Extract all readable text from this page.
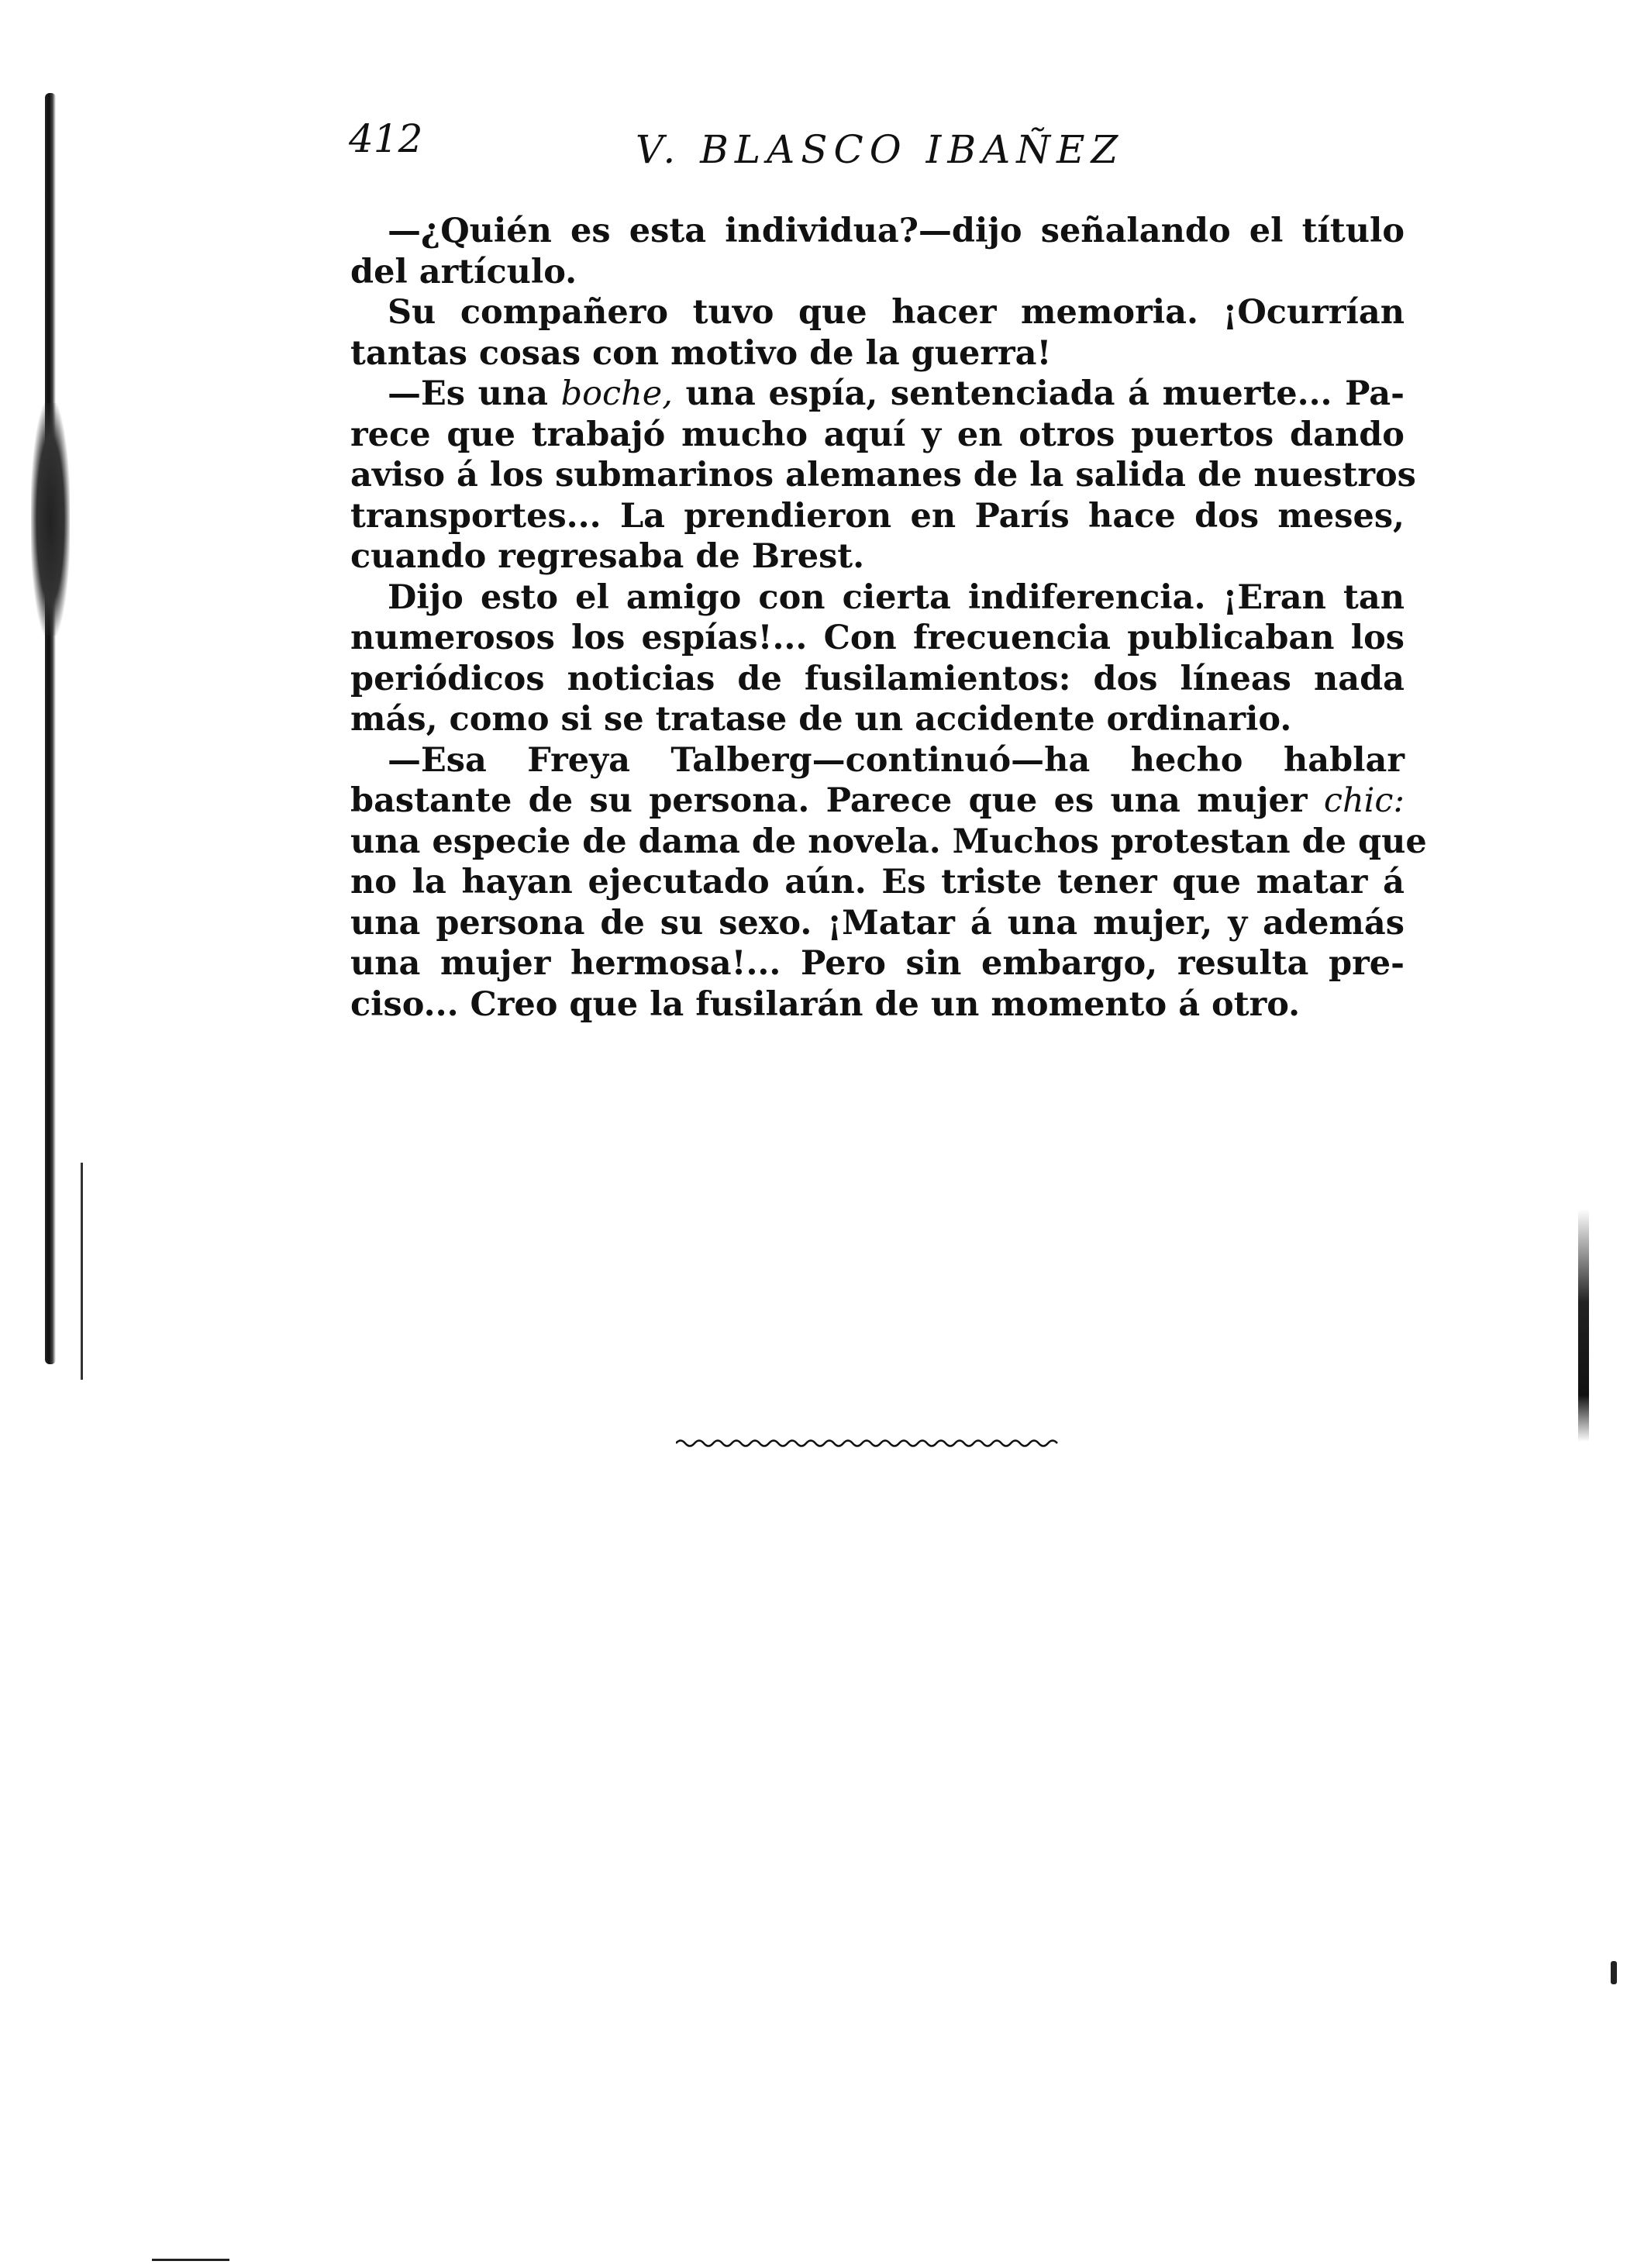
412	V. BLASCO IBAÑEZ
—¿Quién es esta individua?—dijo señalando el título
del artículo.
Su compañero tuvo que hacer memoria. ¡Ocurrían
tantas cosas con motivo de la guerra!
—Es una boche, una espía, sentenciada á muerte... Pa-
rece que trabajó mucho aquí y en otros puertos dando
aviso á los submarinos alemanes de la salida de nuestros
transportes... La prendieron en París hace dos meses,
cuando regresaba de Brest.
Dijo esto el amigo con cierta indiferencia. ¡Eran tan
numerosos los espías!... Con frecuencia publicaban los
periódicos noticias de fusilamientos: dos líneas nada
más, como si se tratase de un accidente ordinario.
—Esa Freya Talberg—continuó—ha hecho hablar
bastante de su persona. Parece que es una mujer chic:
una especie de dama de novela. Muchos protestan de que
no la hayan ejecutado aún. Es triste tener que matar á
una persona de su sexo. ¡Matar á una mujer, y además
una mujer hermosa!... Pero sin embargo, resulta pre-
ciso... Creo que la fusilarán de un momento á otro.
